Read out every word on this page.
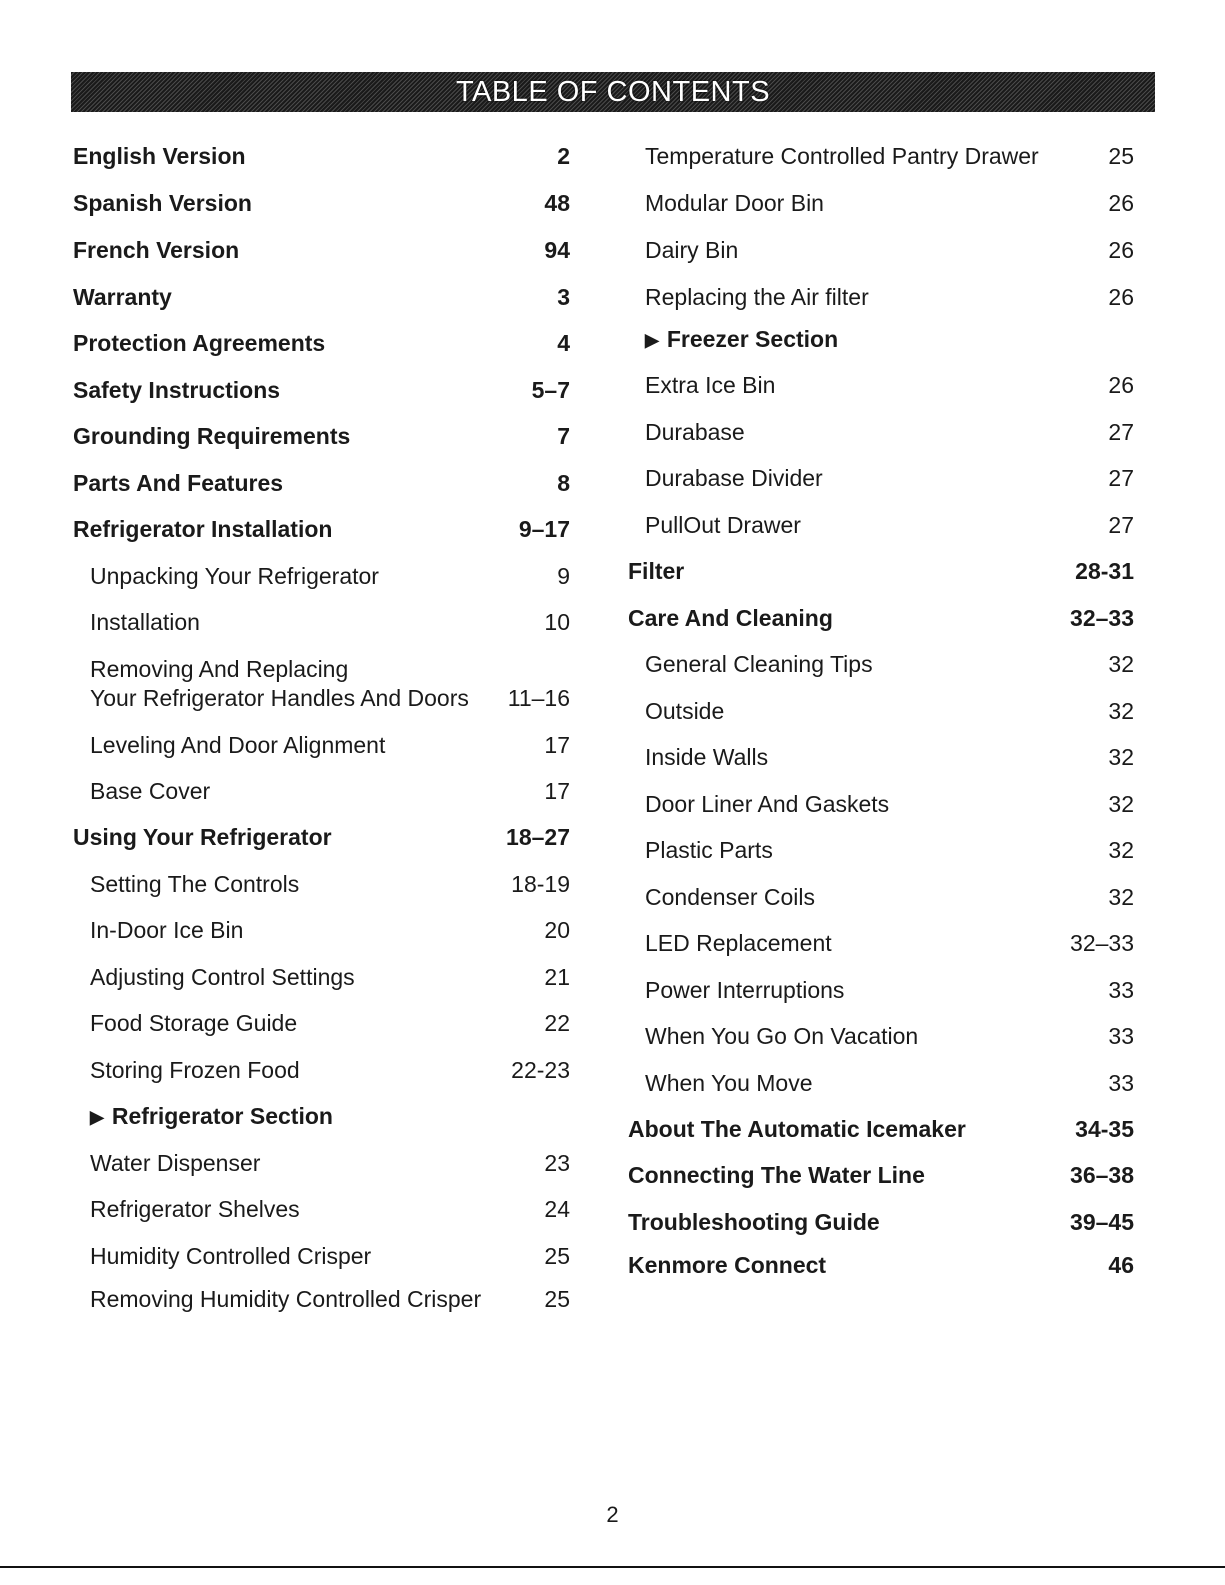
TABLE OF CONTENTS
English Version	2
Spanish Version	48
French Version	94
Warranty	3
Protection Agreements	4
Safety Instructions	5–7
Grounding Requirements	7
Parts And Features	8
Refrigerator Installation	9–17
Unpacking Your Refrigerator	9
Installation	10
Removing And Replacing
Your Refrigerator Handles And Doors 11–16
Leveling And Door Alignment	17
Base Cover	17
Using Your Refrigerator	18–27
Setting The Controls	18-19
In-Door Ice Bin	20
Adjusting Control Settings	21
Food Storage Guide	22
Storing Frozen Food	22-23
▶ Refrigerator Section
Water Dispenser	23
Refrigerator Shelves	24
Humidity Controlled Crisper	25
Removing Humidity Controlled Crisper	25
Temperature Controlled Pantry Drawer	25
Modular Door Bin	26
Dairy Bin	26
Replacing the Air filter	26
▶ Freezer Section
Extra Ice Bin	26
Durabase	27
Durabase Divider	27
PullOut Drawer	27
Filter	28-31
Care And Cleaning	32–33
General Cleaning Tips	32
Outside	32
Inside Walls	32
Door Liner And Gaskets	32
Plastic Parts	32
Condenser Coils	32
LED Replacement	32–33
Power Interruptions	33
When You Go On Vacation	33
When You Move	33
About The Automatic Icemaker	34-35
Connecting The Water Line	36–38
Troubleshooting Guide	39–45
Kenmore Connect	46
2
